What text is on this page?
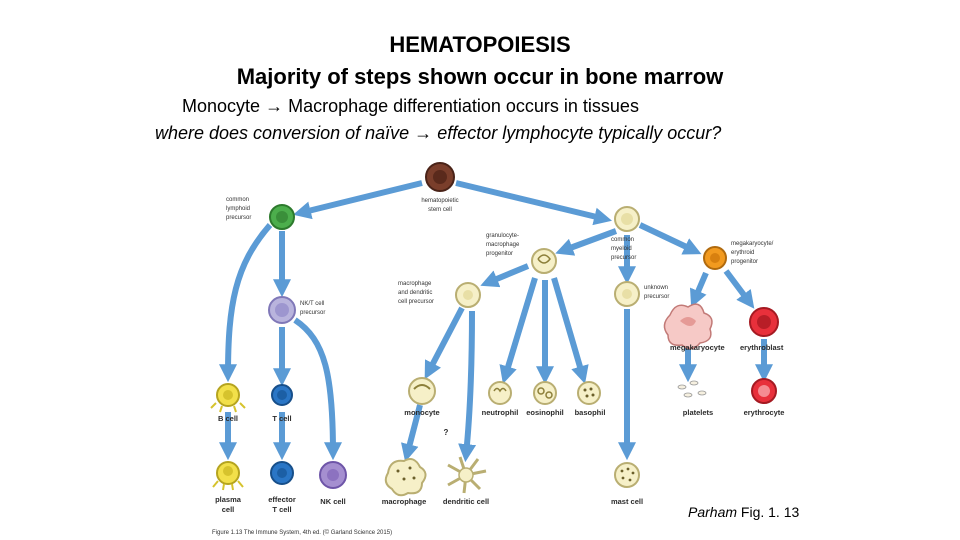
HEMATOPOIESIS
Majority of steps shown occur in bone marrow
Monocyte → Macrophage differentiation occurs in tissues
where does conversion of naïve → effector lymphocyte typically occur?
hematopoietic stem cell
common lymphoid precursor
common myeloid precursor
granulocyte-macrophage progenitor
megakaryocyte/ erythroid progenitor
NK/T cell precursor
macrophage and dendritic cell precursor
unknown precursor
megakaryocyte erythroblast
B cell	T cell
monocyte
?
neutrophil eosinophil basophil	platelets	erythrocyte
plasma cell
effector T cell
NK cell	macrophage dendritic cell	mast cell
Figure 1.13 The Immune System, 4th ed. (© Garland Science 2015)
Parham Fig. 1. 13
